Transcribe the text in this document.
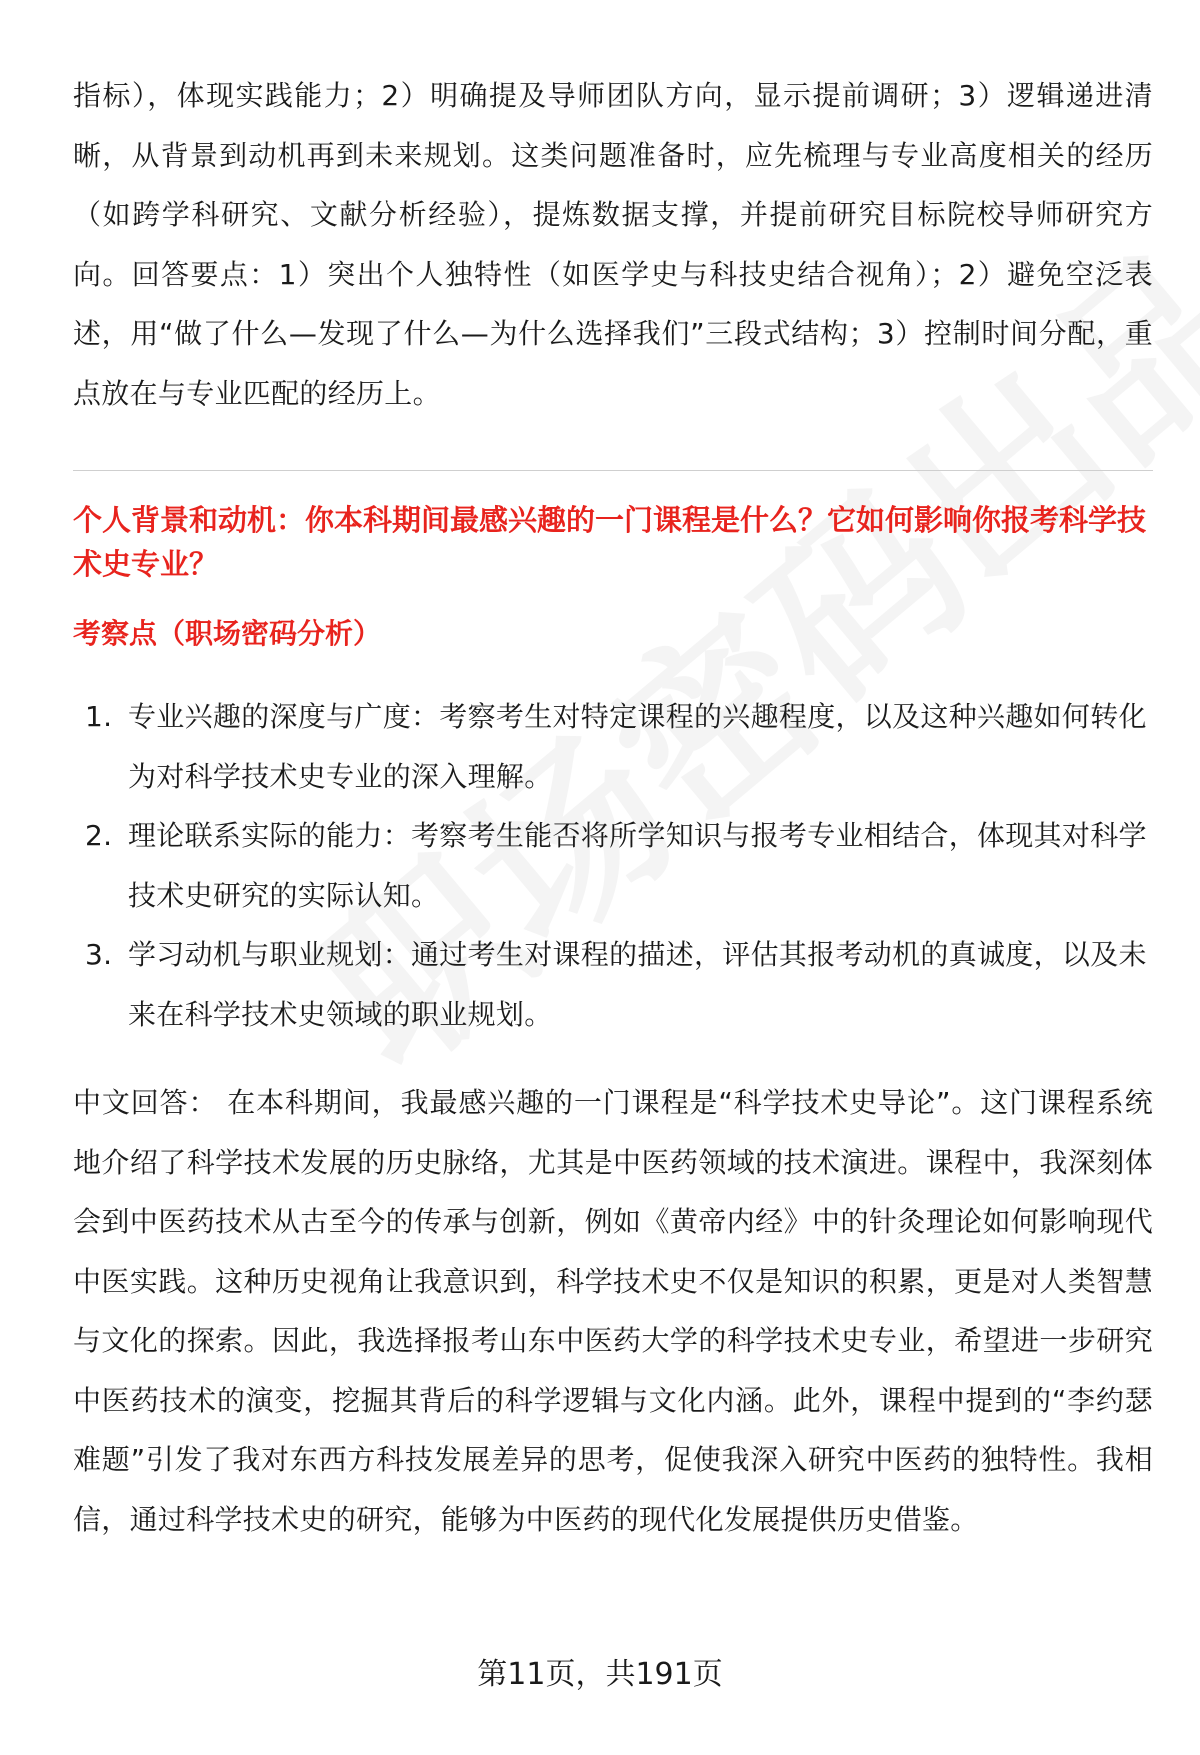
指标），体现实践能力；2）明确提及导师团队方向，显示提前调研；3）逻辑递进清晰，从背景到动机再到未来规划。这类问题准备时，应先梳理与专业高度相关的经历（如跨学科研究、文献分析经验），提炼数据支撑，并提前研究目标院校导师研究方向。回答要点：1）突出个人独特性（如医学史与科技史结合视角）；2）避免空泛表述，用“做了什么—发现了什么—为什么选择我们”三段式结构；3）控制时间分配，重点放在与专业匹配的经历上。

个人背景和动机：你本科期间最感兴趣的一门课程是什么？它如何影响你报考科学技术史专业？
考察点（职场密码分析）
1. 专业兴趣的深度与广度：考察考生对特定课程的兴趣程度，以及这种兴趣如何转化为对科学技术史专业的深入理解。
2. 理论联系实际的能力：考察考生能否将所学知识与报考专业相结合，体现其对科学技术史研究的实际认知。
3. 学习动机与职业规划：通过考生对课程的描述，评估其报考动机的真诚度，以及未来在科学技术史领域的职业规划。

中文回答： 在本科期间，我最感兴趣的一门课程是“科学技术史导论”。这门课程系统地介绍了科学技术发展的历史脉络，尤其是中医药领域的技术演进。课程中，我深刻体会到中医药技术从古至今的传承与创新，例如《黄帝内经》中的针灸理论如何影响现代中医实践。这种历史视角让我意识到，科学技术史不仅是知识的积累，更是对人类智慧与文化的探索。因此，我选择报考山东中医药大学的科学技术史专业，希望进一步研究中医药技术的演变，挖掘其背后的科学逻辑与文化内涵。此外，课程中提到的“李约瑟难题”引发了我对东西方科技发展差异的思考，促使我深入研究中医药的独特性。我相信，通过科学技术史的研究，能够为中医药的现代化发展提供历史借鉴。

第11页，共191页
